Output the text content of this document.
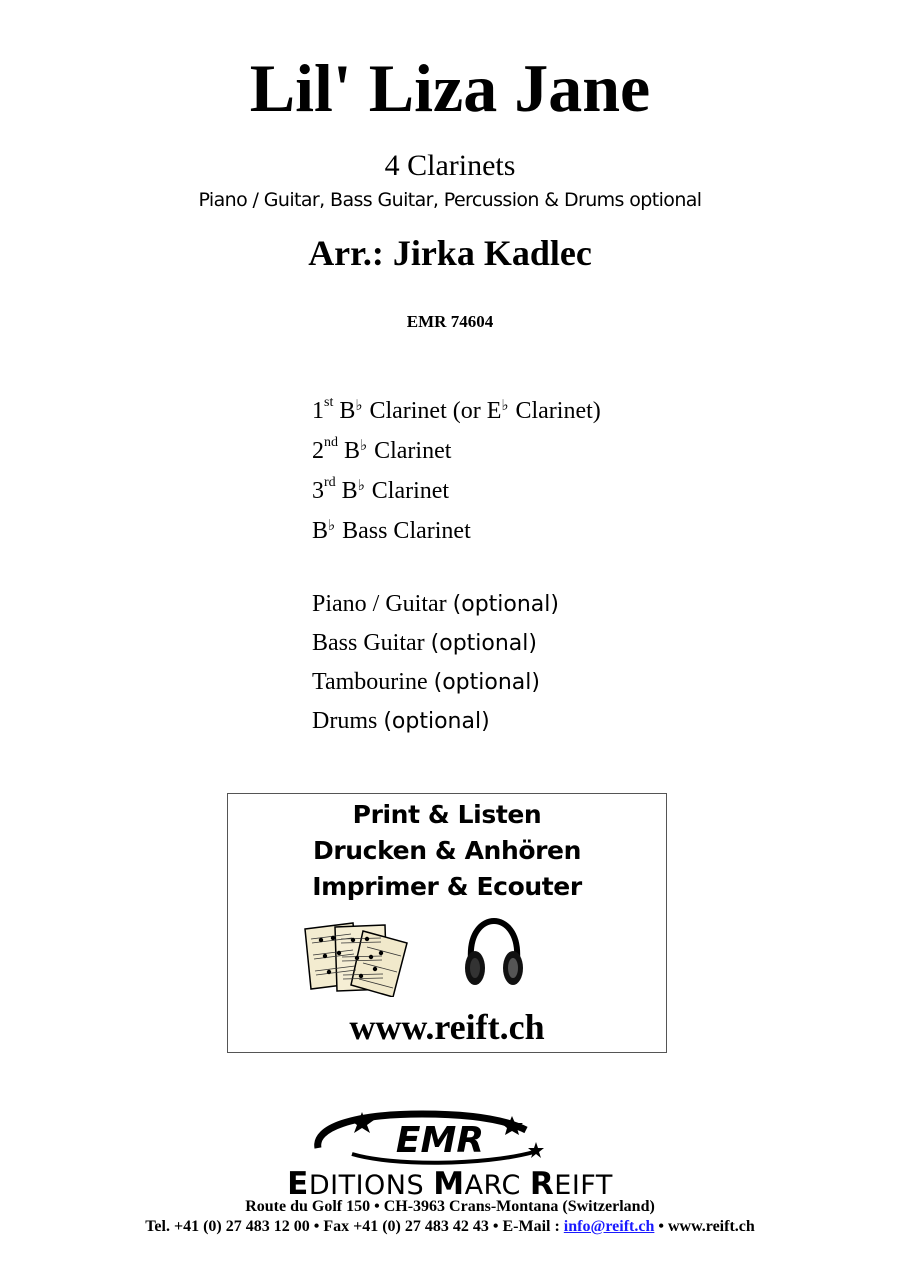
Lil' Liza Jane
4 Clarinets
Piano / Guitar, Bass Guitar, Percussion & Drums optional
Arr.: Jirka Kadlec
EMR 74604
1st B♭ Clarinet (or E♭ Clarinet)
2nd B♭ Clarinet
3rd B♭ Clarinet
B♭ Bass Clarinet
Piano / Guitar (optional)
Bass Guitar (optional)
Tambourine (optional)
Drums (optional)
Print & Listen
Drucken & Anhören
Imprimer & Ecouter
www.reift.ch
EMR
EDITIONS MARC REIFT
Route du Golf 150 • CH-3963 Crans-Montana (Switzerland)
Tel. +41 (0) 27 483 12 00 • Fax +41 (0) 27 483 42 43 • E-Mail : info@reift.ch • www.reift.ch
